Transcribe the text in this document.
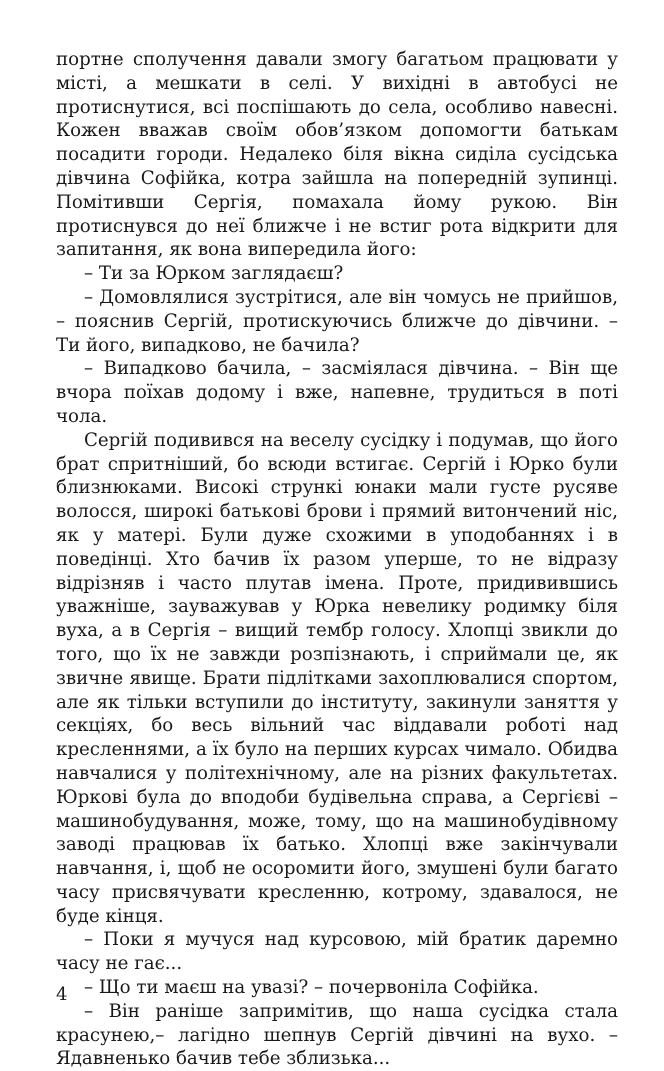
портне сполучення давали змогу багатьом працювати у місті, а мешкати в селі. У вихідні в автобусі не протиснутися, всі поспішають до села, особливо навесні. Кожен вважав своїм обов’язком допомогти батькам посадити городи. Недалеко біля вікна сиділа сусідська дівчина Софійка, котра зайшла на попередній зупинці. Помітивши Сергія, помахала йому рукою. Він протиснувся до неї ближче і не встиг рота відкрити для запитання, як вона випередила його:

– Ти за Юрком заглядаєш?

– Домовлялися зустрітися, але він чомусь не прийшов, – пояснив Сергій, протискуючись ближче до дівчини. – Ти його, випадково, не бачила?

– Випадково бачила, – засміялася дівчина. – Він ще вчора поїхав додому і вже, напевне, трудиться в поті чола.

Сергій подивився на веселу сусідку і подумав, що його брат спритніший, бо всюди встигає. Сергій і Юрко були близнюками. Високі стрункі юнаки мали густе русяве волосся, широкі батькові брови і прямий витончений ніс, як у матері. Були дуже схожими в уподобаннях і в поведінці. Хто бачив їх разом уперше, то не відразу відрізняв і часто плутав імена. Проте, придивившись уважніше, зауважував у Юрка невелику родимку біля вуха, а в Сергія – вищий тембр голосу. Хлопці звикли до того, що їх не завжди розпізнають, і сприймали це, як звичне явище. Брати підлітками захоплювалися спортом, але як тільки вступили до інституту, закинули заняття у секціях, бо весь вільний час віддавали роботі над кресленнями, а їх було на перших курсах чимало. Обидва навчалися у політехнічному, але на різних факультетах. Юркові була до вподоби будівельна справа, а Сергієві – машинобудування, може, тому, що на машинобудівному заводі працював їх батько. Хлопці вже закінчували навчання, і, щоб не осоромити його, змушені були багато часу присвячувати кресленню, котрому, здавалося, не буде кінця.

– Поки я мучуся над курсовою, мій братик даремно часу не гає...

– Що ти маєш на увазі? – почервоніла Софійка.

– Він раніше запримітив, що наша сусідка стала красунею,– лагідно шепнув Сергій дівчині на вухо. – Ядавненько бачив тебе зблизька...

4
